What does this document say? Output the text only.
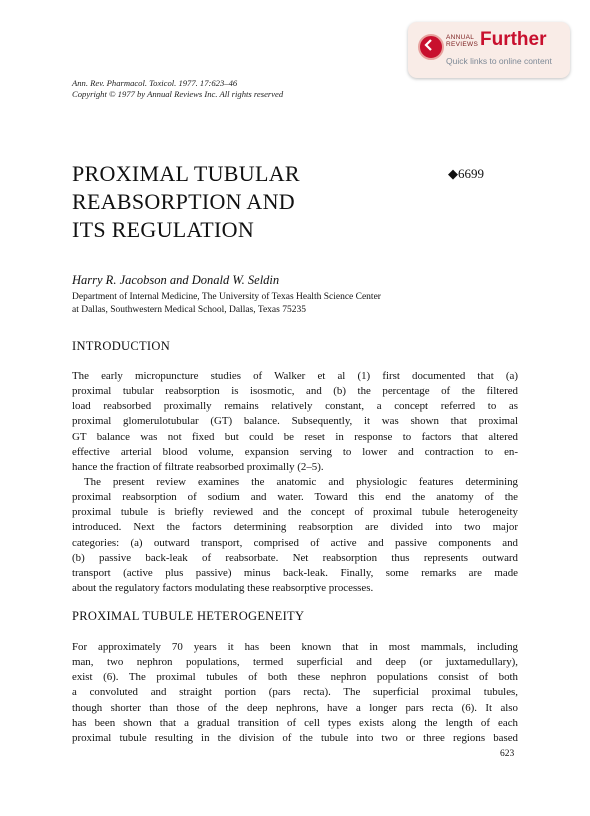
ANNUAL
REVIEWS Further
Quick links to online content
Ann. Rev. Pharmacol. Toxicol. 1977. 17:623–46
Copyright © 1977 by Annual Reviews Inc. All rights reserved
PROXIMAL TUBULAR
REABSORPTION AND
ITS REGULATION
◆6699
Harry R. Jacobson and Donald W. Seldin
Department of Internal Medicine, The University of Texas Health Science Center
at Dallas, Southwestern Medical School, Dallas, Texas 75235
INTRODUCTION
The early micropuncture studies of Walker et al (1) first documented that (a)
proximal tubular reabsorption is isosmotic, and (b) the percentage of the filtered
load reabsorbed proximally remains relatively constant, a concept referred to as
proximal glomerulotubular (GT) balance. Subsequently, it was shown that proximal
GT balance was not fixed but could be reset in response to factors that altered
effective arterial blood volume, expansion serving to lower and contraction to en-
hance the fraction of filtrate reabsorbed proximally (2–5).
The present review examines the anatomic and physiologic features determining
proximal reabsorption of sodium and water. Toward this end the anatomy of the
proximal tubule is briefly reviewed and the concept of proximal tubule heterogeneity
introduced. Next the factors determining reabsorption are divided into two major
categories: (a) outward transport, comprised of active and passive components and
(b) passive back-leak of reabsorbate. Net reabsorption thus represents outward
transport (active plus passive) minus back-leak. Finally, some remarks are made
about the regulatory factors modulating these reabsorptive processes.
PROXIMAL TUBULE HETEROGENEITY
For approximately 70 years it has been known that in most mammals, including
man, two nephron populations, termed superficial and deep (or juxtamedullary),
exist (6). The proximal tubules of both these nephron populations consist of both
a convoluted and straight portion (pars recta). The superficial proximal tubules,
though shorter than those of the deep nephrons, have a longer pars recta (6). It also
has been shown that a gradual transition of cell types exists along the length of each
proximal tubule resulting in the division of the tubule into two or three regions based
623
